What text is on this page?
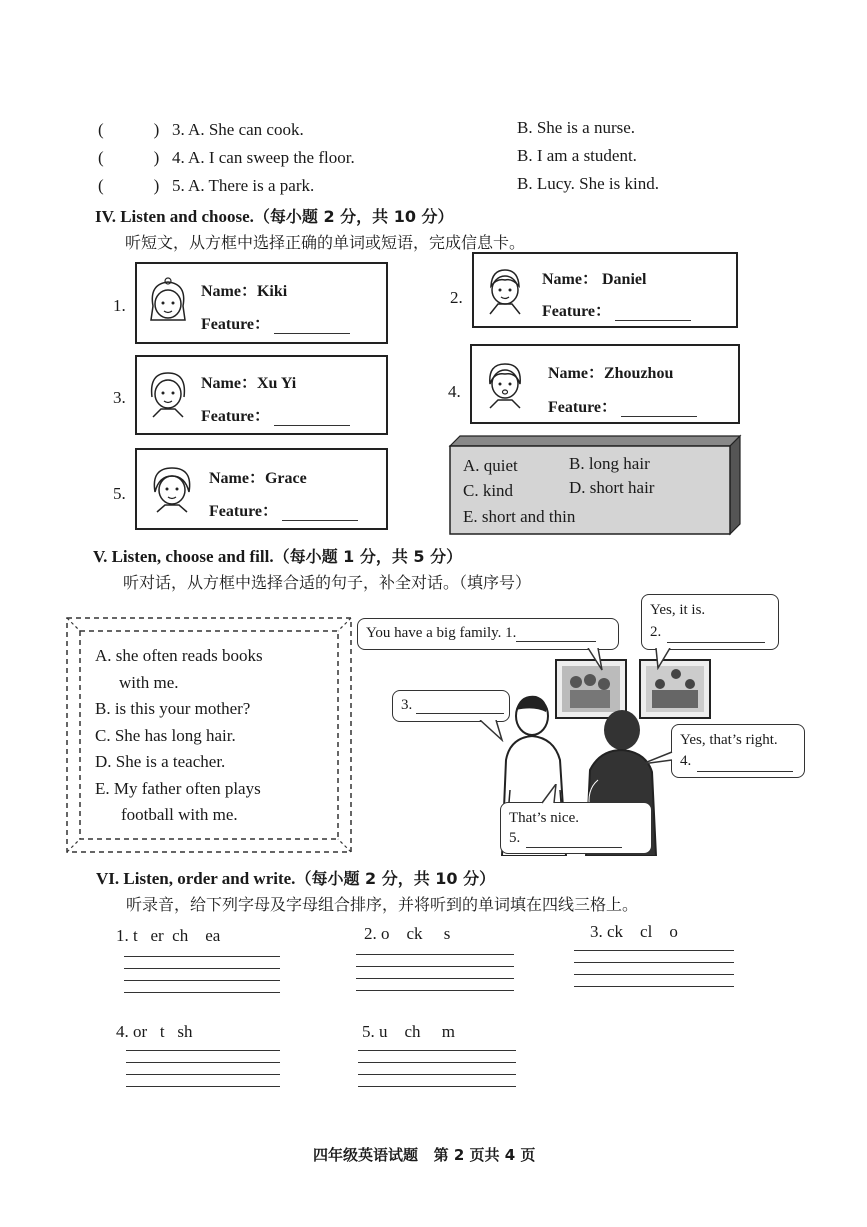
(	) 3. A. She can cook.	B. She is a nurse.
(	) 4. A. I can sweep the floor.	B. I am a student.
(	) 5. A. There is a park.	B. Lucy. She is kind.
IV. Listen and choose.（每小题 2 分，共 10 分）
听短文，从方框中选择正确的单词或短语，完成信息卡。
1.
Name：Kiki
Feature：
2.
Name： Daniel
Feature：
3.
Name：Xu Yi
Feature：
4.
Name：Zhouzhou
Feature：
5.
Name：Grace
Feature：
A. quiet	B. long hair
C. kind	D. short hair
E. short and thin
V. Listen, choose and fill.（每小题 1 分，共 5 分）
听对话，从方框中选择合适的句子，补全对话。（填序号）
A. she often reads books
with me.
B. is this your mother?
C. She has long hair.
D. She is a teacher.
E. My father often plays
football with me.
You have a big family. 1.
Yes, it is.
2.
3.
Yes, that’s right.
4.
That’s nice.
5.
VI. Listen, order and write.（每小题 2 分，共 10 分）
听录音，给下列字母及字母组合排序，并将听到的单词填在四线三格上。
1. t   er  ch    ea	2. o    ck     s	3. ck    cl    o
4. or   t   sh	5. u    ch     m
四年级英语试题   第 2 页共 4 页
